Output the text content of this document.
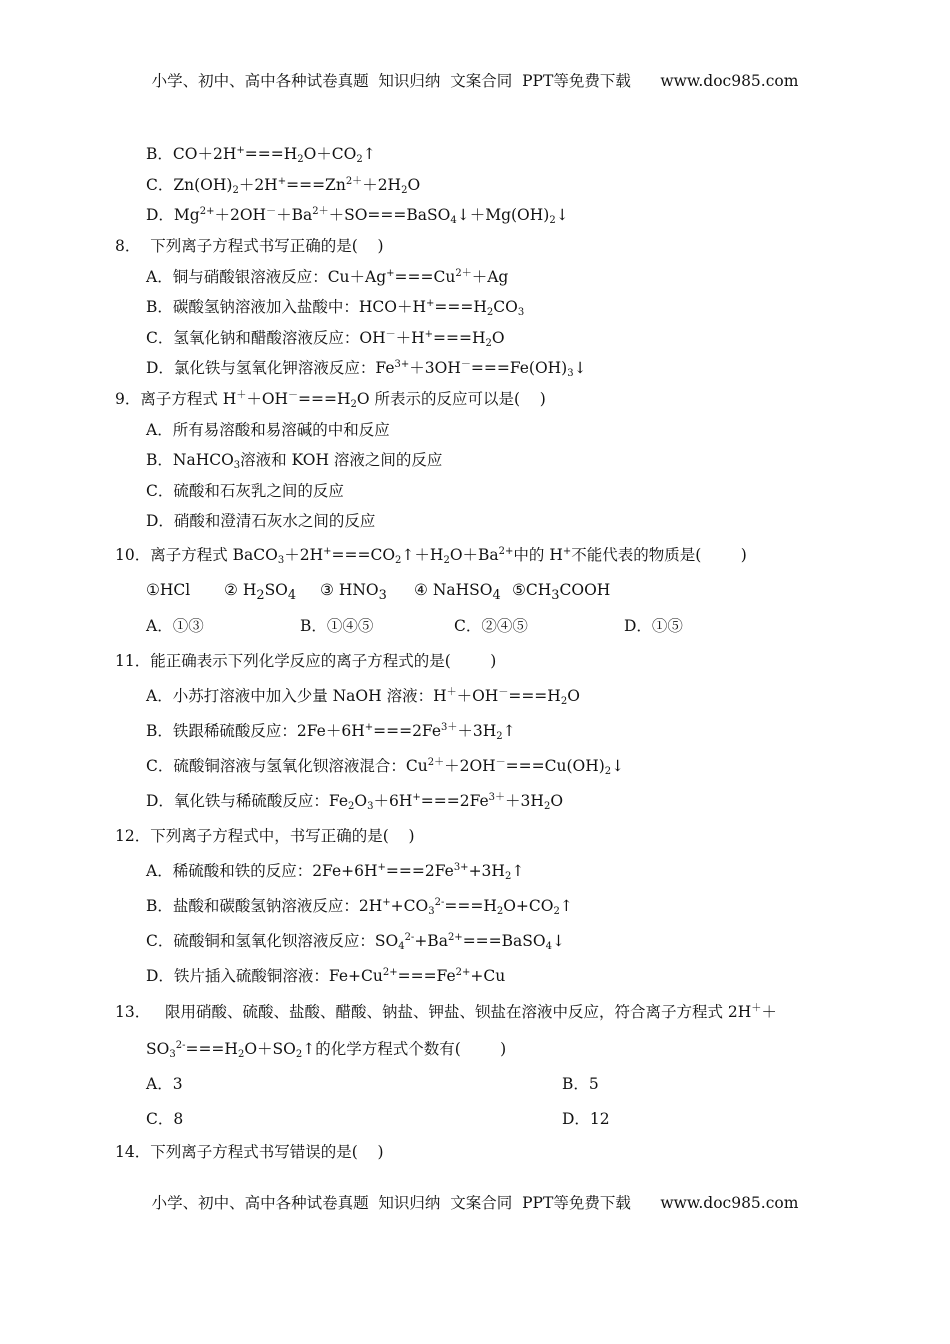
小学、初中、高中各种试卷真题  知识归纳  文案合同  PPT等免费下载      www.doc985.com
B．$CO+2H^+===H_2O+CO_2↑$
C．$Zn(OH)_2+2H^+===Zn^{2+}+2H_2O$
D．$Mg^{2+}+2OH^-+Ba^{2+}+SO===BaSO_4↓+Mg(OH)_2↓$
8．  下列离子方程式书写正确的是(    )
A．铜与硝酸银溶液反应：$Cu+Ag^+===Cu^{2+}+Ag$
B．碳酸氢钠溶液加入盐酸中：$HCO+H^+===H_2CO_3$
C．氢氧化钠和醋酸溶液反应：$OH^-+H^+===H_2O$
D．氯化铁与氢氧化钾溶液反应：$Fe^{3+}+3OH^-===Fe(OH)_3↓$
9．离子方程式 $H^++OH^-===H_2O$ 所表示的反应可以是(    )
A．所有易溶酸和易溶碱的中和反应
B．NaHCO$_3$溶液和 KOH 溶液之间的反应
C．硫酸和石灰乳之间的反应
D．硝酸和澄清石灰水之间的反应
10．离子方程式 $BaCO_3+2H^+===CO_2↑+H_2O+Ba^{2+}$中的 H+不能代表的物质是(        )
①HCl ② $H_2SO_4$ ③ $HNO_3$ ④ NaHSO$_4$ $⑤CH_3COOH$
A．①③	B．①④⑤	C．②④⑤	D．①⑤
11．能正确表示下列化学反应的离子方程式的是(        )
A．小苏打溶液中加入少量 NaOH 溶液：$H^++OH^-===H_2O$
B．铁跟稀硫酸反应：$2Fe+6H^+===2Fe^{3+}+3H_2↑$
C．硫酸铜溶液与氢氧化钡溶液混合：$Cu^{2+}+2OH^-===Cu(OH)_2↓$
D．氧化铁与稀硫酸反应：$Fe_2O_3+6H^+===2Fe^{3+}+3H_2O$
12．下列离子方程式中，书写正确的是(    )
A．稀硫酸和铁的反应：$2Fe+6H^+===2Fe^{3+}+3H_2↑$
B．盐酸和碳酸氢钠溶液反应：$2H^++CO_3^{2-}===H_2O+CO_2↑$
C．硫酸铜和氢氧化钡溶液反应：$SO_4^{2-}+Ba^{2+}===BaSO_4↓$
D．铁片插入硫酸铜溶液：$Fe+Cu^{2+}===Fe^{2+}+Cu$
13．   限用硝酸、硫酸、盐酸、醋酸、钠盐、钾盐、钡盐在溶液中反应，符合离子方程式 2H＋＋
$SO_3^{2-}===H_2O+SO_2↑$的化学方程式个数有(        )
A．3	B．5
C．8	D．12
14．下列离子方程式书写错误的是(    )
小学、初中、高中各种试卷真题  知识归纳  文案合同  PPT等免费下载      www.doc985.com
